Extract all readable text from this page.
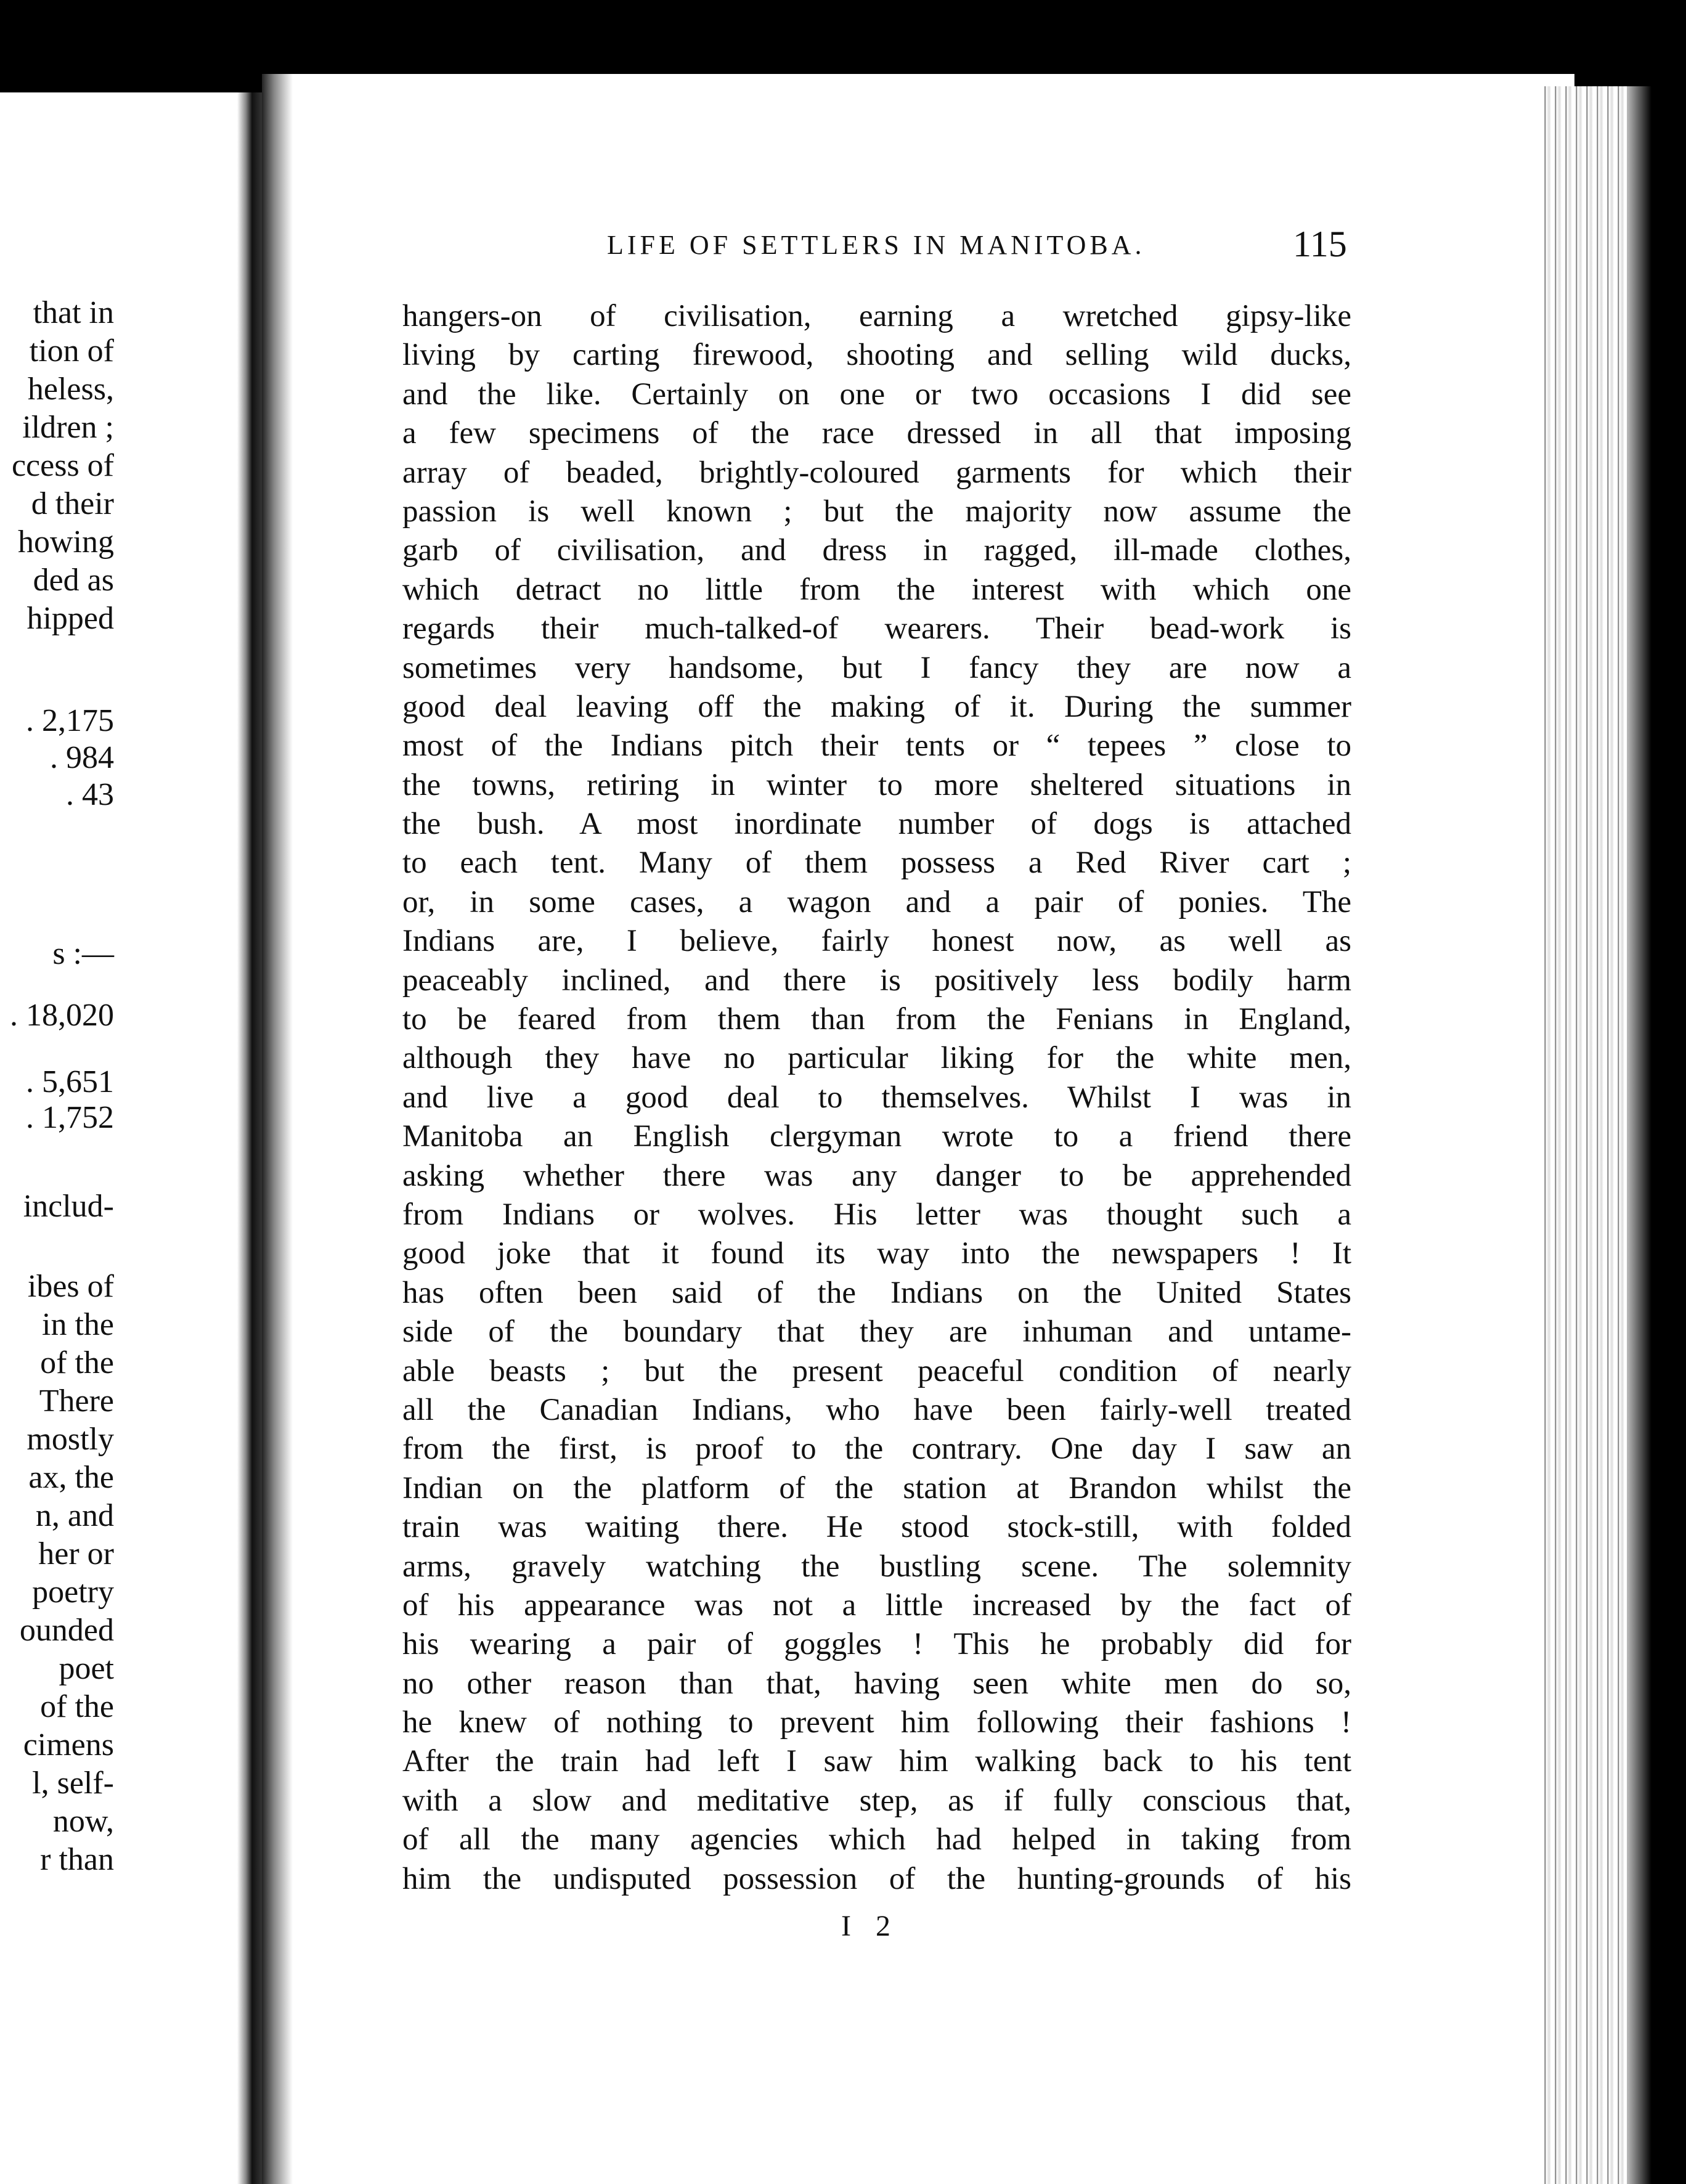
that in
tion of
heless,
ildren ;
ccess of
d their
howing
ded as
hipped
. 2,175
. 984
. 43
s :—
. 18,020
. 5,651
. 1,752
includ-
ibes of
in the
of the
There
mostly
ax, the
n, and
her or
poetry
ounded
poet
of the
cimens
l, self-
now,
r than
LIFE OF SETTLERS IN MANITOBA.	115
hangers-on of civilisation, earning a wretched gipsy-like
living by carting firewood, shooting and selling wild ducks,
and the like. Certainly on one or two occasions I did see
a few specimens of the race dressed in all that imposing
array of beaded, brightly-coloured garments for which their
passion is well known ; but the majority now assume the
garb of civilisation, and dress in ragged, ill-made clothes,
which detract no little from the interest with which one
regards their much-talked-of wearers. Their bead-work is
sometimes very handsome, but I fancy they are now a
good deal leaving off the making of it. During the summer
most of the Indians pitch their tents or “ tepees ” close to
the towns, retiring in winter to more sheltered situations in
the bush. A most inordinate number of dogs is attached
to each tent. Many of them possess a Red River cart ;
or, in some cases, a wagon and a pair of ponies. The
Indians are, I believe, fairly honest now, as well as
peaceably inclined, and there is positively less bodily harm
to be feared from them than from the Fenians in England,
although they have no particular liking for the white men,
and live a good deal to themselves. Whilst I was in
Manitoba an English clergyman wrote to a friend there
asking whether there was any danger to be apprehended
from Indians or wolves. His letter was thought such a
good joke that it found its way into the newspapers ! It
has often been said of the Indians on the United States
side of the boundary that they are inhuman and untame-
able beasts ; but the present peaceful condition of nearly
all the Canadian Indians, who have been fairly-well treated
from the first, is proof to the contrary. One day I saw an
Indian on the platform of the station at Brandon whilst the
train was waiting there. He stood stock-still, with folded
arms, gravely watching the bustling scene. The solemnity
of his appearance was not a little increased by the fact of
his wearing a pair of goggles ! This he probably did for
no other reason than that, having seen white men do so,
he knew of nothing to prevent him following their fashions !
After the train had left I saw him walking back to his tent
with a slow and meditative step, as if fully conscious that,
of all the many agencies which had helped in taking from
him the undisputed possession of the hunting-grounds of his
I 2
